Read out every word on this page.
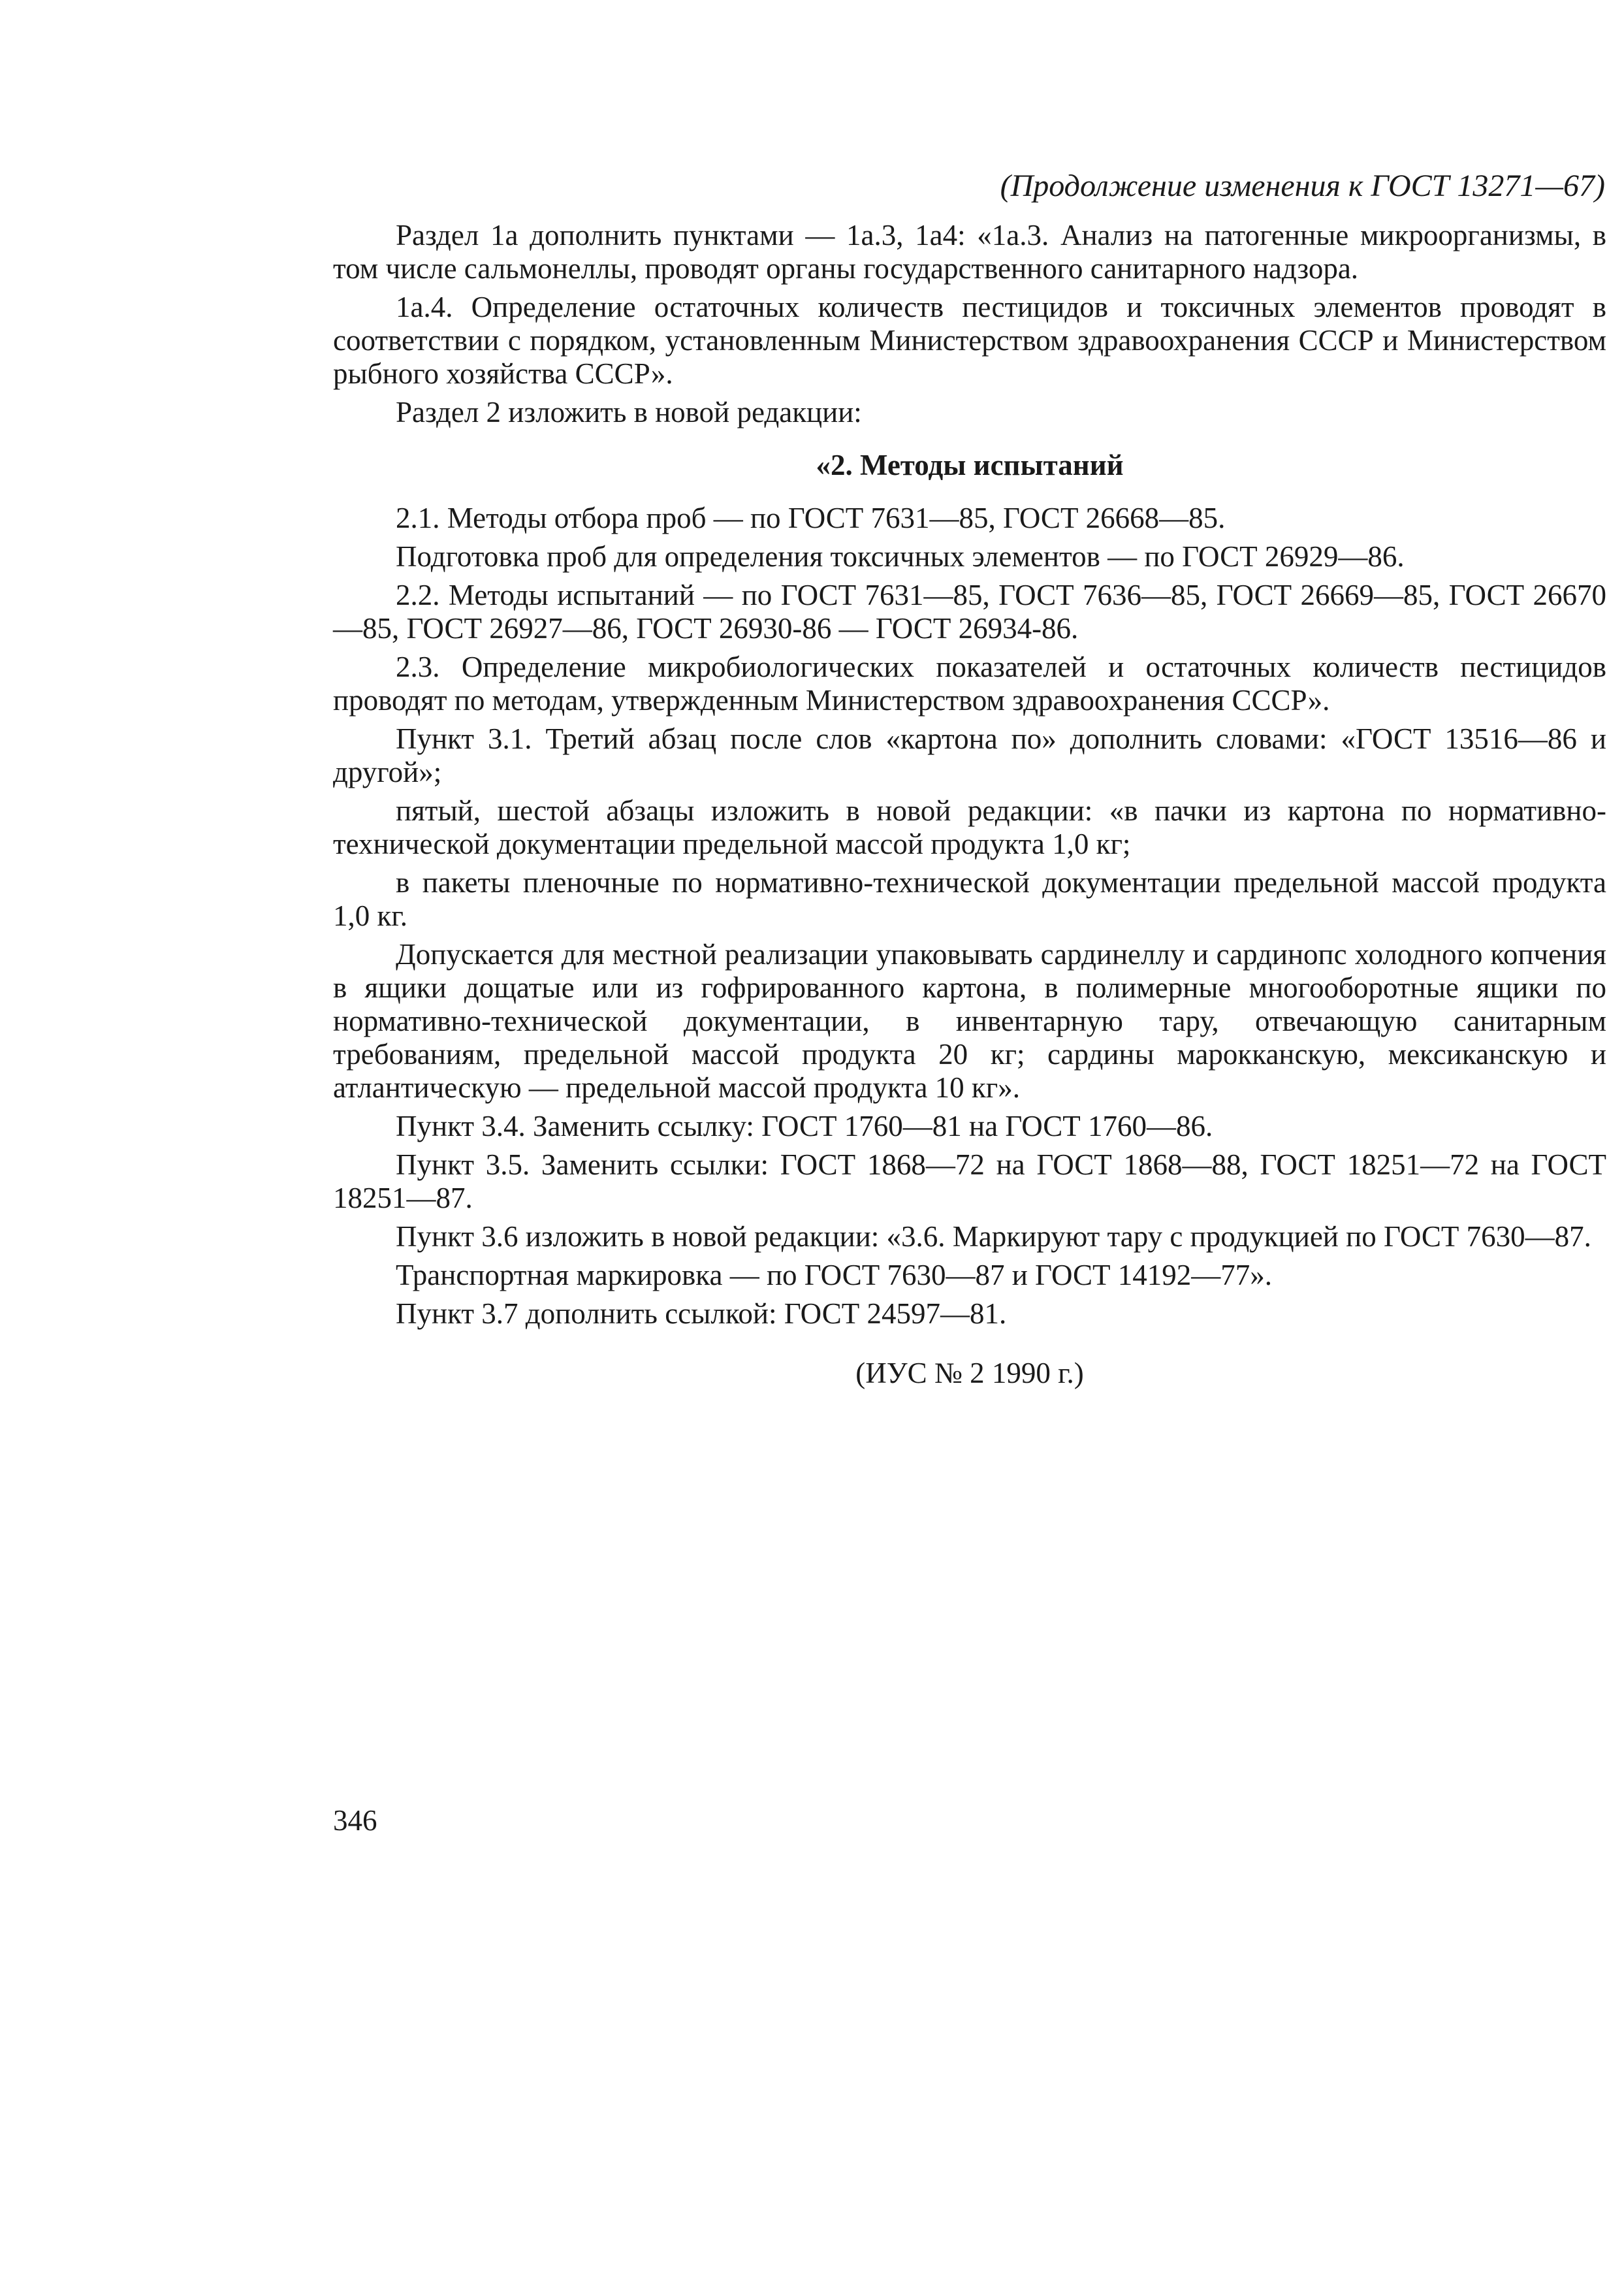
(Продолжение изменения к ГОСТ 13271—67)

Раздел 1а дополнить пунктами — 1а.3, 1а4: «1а.3. Анализ на патогенные микроорганизмы, в том числе сальмонеллы, проводят органы государственного санитарного надзора.

1а.4. Определение остаточных количеств пестицидов и токсичных элементов проводят в соответствии с порядком, установленным Министерством здравоохранения СССР и Министерством рыбного хозяйства СССР».

Раздел 2 изложить в новой редакции:

«2. Методы испытаний

2.1. Методы отбора проб — по ГОСТ 7631—85, ГОСТ 26668—85.

Подготовка проб для определения токсичных элементов — по ГОСТ 26929—86.

2.2. Методы испытаний — по ГОСТ 7631—85, ГОСТ 7636—85, ГОСТ 26669—85, ГОСТ 26670—85, ГОСТ 26927—86, ГОСТ 26930-86 — ГОСТ 26934-86.

2.3. Определение микробиологических показателей и остаточных количеств пестицидов проводят по методам, утвержденным Министерством здравоохранения СССР».

Пункт 3.1. Третий абзац после слов «картона по» дополнить словами: «ГОСТ 13516—86 и другой»;

пятый, шестой абзацы изложить в новой редакции: «в пачки из картона по нормативно-технической документации предельной массой продукта 1,0 кг;

в пакеты пленочные по нормативно-технической документации предельной массой продукта 1,0 кг.

Допускается для местной реализации упаковывать сардинеллу и сардинопс холодного копчения в ящики дощатые или из гофрированного картона, в полимерные многооборотные ящики по нормативно-технической документации, в инвентарную тару, отвечающую санитарным требованиям, предельной массой продукта 20 кг; сардины марокканскую, мексиканскую и атлантическую — предельной массой продукта 10 кг».

Пункт 3.4. Заменить ссылку: ГОСТ 1760—81 на ГОСТ 1760—86.

Пункт 3.5. Заменить ссылки: ГОСТ 1868—72 на ГОСТ 1868—88, ГОСТ 18251—72 на ГОСТ 18251—87.

Пункт 3.6 изложить в новой редакции: «3.6. Маркируют тару с продукцией по ГОСТ 7630—87.

Транспортная маркировка — по ГОСТ 7630—87 и ГОСТ 14192—77».

Пункт 3.7 дополнить ссылкой: ГОСТ 24597—81.

(ИУС № 2 1990 г.)
346
